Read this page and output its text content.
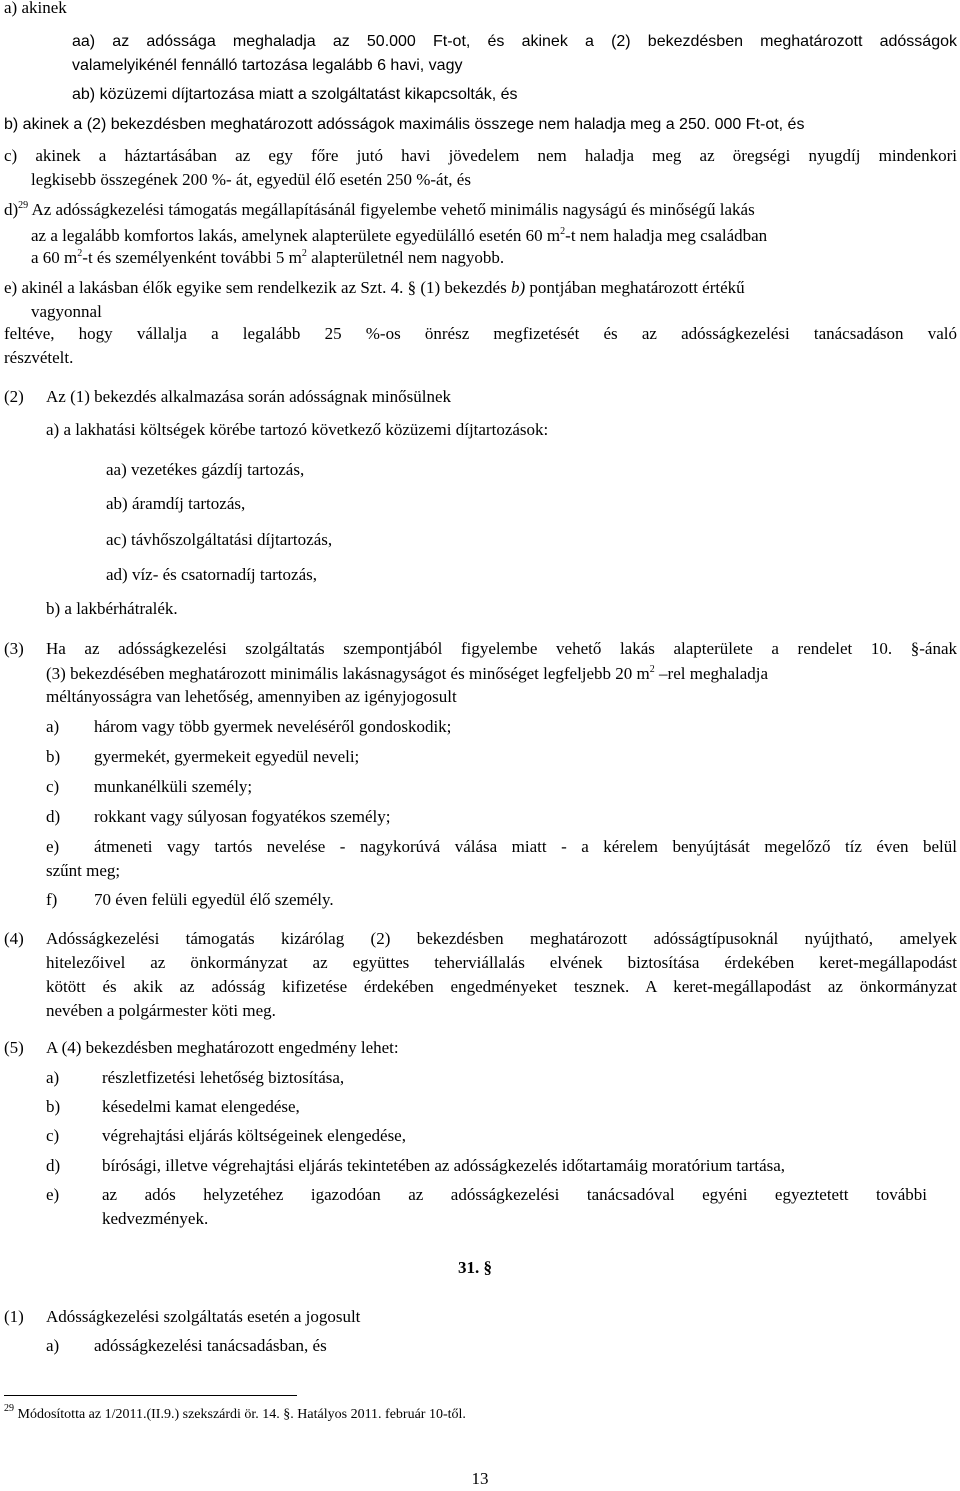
a) akinek
aa) az adóssága meghaladja az 50.000 Ft-ot, és akinek a (2) bekezdésben meghatározott adósságok
valamelyikénél fennálló tartozása legalább 6 havi, vagy
ab) közüzemi díjtartozása miatt a szolgáltatást kikapcsolták, és
b) akinek a (2) bekezdésben meghatározott adósságok maximális összege nem haladja meg a 250. 000 Ft-ot, és
c) akinek a háztartásában az egy főre jutó havi jövedelem nem haladja meg az öregségi nyugdíj mindenkori
legkisebb összegének 200 %- át, egyedül élő esetén 250 %-át, és
d)$^{29}$ Az adósságkezelési támogatás megállapításánál figyelembe vehető minimális nagyságú és minőségű lakás
az a legalább komfortos lakás, amelynek alapterülete egyedülálló esetén 60 $m^2-t$ nem haladja meg családban
a 60 $m^2-t$ és személyenként további 5 $m^2$ alapterületnél nem nagyobb.
e) akinél a lakásban élők egyike sem rendelkezik az Szt. 4. § (1) bekezdés b) pontjában meghatározott értékű
vagyonnal
feltéve, hogy vállalja a legalább 25 %-os önrész megfizetését és az adósságkezelési tanácsadáson való
részvételt.
(2) Az (1) bekezdés alkalmazása során adósságnak minősülnek
a) a lakhatási költségek körébe tartozó következő közüzemi díjtartozások:
aa) vezetékes gázdíj tartozás,
ab) áramdíj tartozás,
ac) távhőszolgáltatási díjtartozás,
ad) víz- és csatornadíj tartozás,
b) a lakbérhátralék.
(3) Ha az adósságkezelési szolgáltatás szempontjából figyelembe vehető lakás alapterülete a rendelet 10. §-ának
(3) bekezdésében meghatározott minimális lakásnagyságot és minőséget legfeljebb 20 $m^2$ –rel meghaladja
méltányosságra van lehetőség, amennyiben az igényjogosult
a) három vagy több gyermek neveléséről gondoskodik;
b) gyermekét, gyermekeit egyedül neveli;
c) munkanélküli személy;
d) rokkant vagy súlyosan fogyatékos személy;
e) átmeneti vagy tartós nevelése - nagykorúvá válása miatt - a kérelem benyújtását megelőző tíz éven belül
szűnt meg;
f) 70 éven felüli egyedül élő személy.
(4) Adósságkezelési támogatás kizárólag (2) bekezdésben meghatározott adósságtípusoknál nyújtható, amelyek
hitelezőivel az önkormányzat az együttes teherviállalás elvének biztosítása érdekében keret-megállapodást
kötött és akik az adósság kifizetése érdekében engedményeket tesznek. A keret-megállapodást az önkormányzat
nevében a polgármester köti meg.
(5) A (4) bekezdésben meghatározott engedmény lehet:
a)	részletfizetési lehetőség biztosítása,
b) késedelmi kamat elengedése,
c)	végrehajtási eljárás költségeinek elengedése,
d) bírósági, illetve végrehajtási eljárás tekintetében az adósságkezelés időtartamáig moratórium tartása,
e)	az adós helyzetéhez igazodóan az adósságkezelési tanácsadóval egyéni egyeztetett további
kedvezmények.
31. §
(1) Adósságkezelési szolgáltatás esetén a jogosult
a) adósságkezelési tanácsadásban, és
$^{29}$ Módosította az 1/2011.(II.9.) szekszárdi ör. 14. §. Hatályos 2011. február 10-től.
13
